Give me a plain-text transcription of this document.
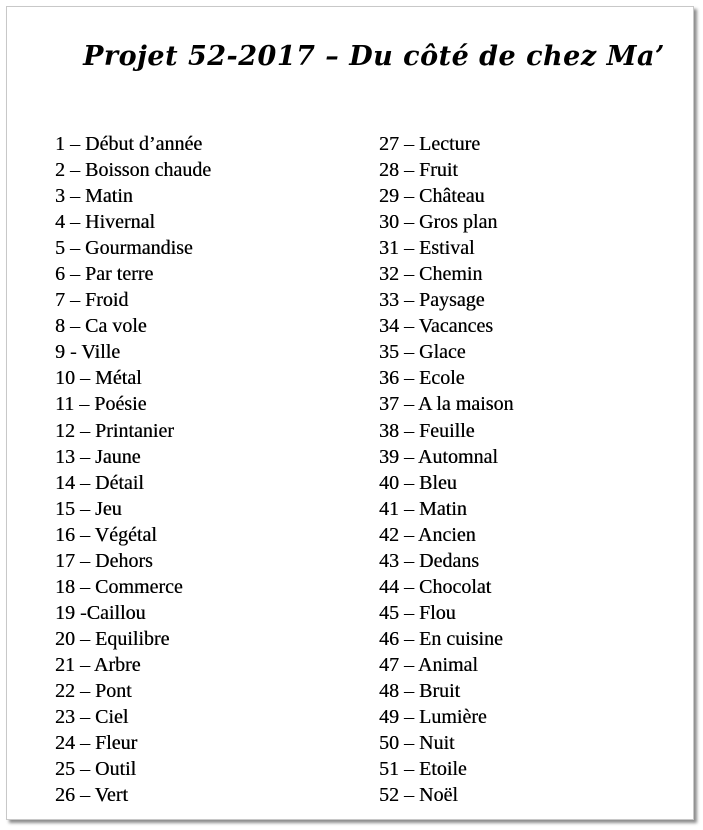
Projet 52-2017 – Du côté de chez Ma’
1 – Début d’année
2 – Boisson chaude
3 – Matin
4 – Hivernal
5 – Gourmandise
6 – Par terre
7 – Froid
8 – Ca vole
9 - Ville
10 – Métal
11 – Poésie
12 – Printanier
13 – Jaune
14 – Détail
15 – Jeu
16 – Végétal
17 – Dehors
18 – Commerce
19 -Caillou
20 – Equilibre
21 – Arbre
22 – Pont
23 – Ciel
24 – Fleur
25 – Outil
26 – Vert
27 – Lecture
28 – Fruit
29 – Château
30 – Gros plan
31 – Estival
32 – Chemin
33 – Paysage
34 – Vacances
35 – Glace
36 – Ecole
37 – A la maison
38 – Feuille
39 – Automnal
40 – Bleu
41 – Matin
42 – Ancien
43 – Dedans
44 – Chocolat
45 – Flou
46 – En cuisine
47 – Animal
48 – Bruit
49 – Lumière
50 – Nuit
51 – Etoile
52 – Noël
